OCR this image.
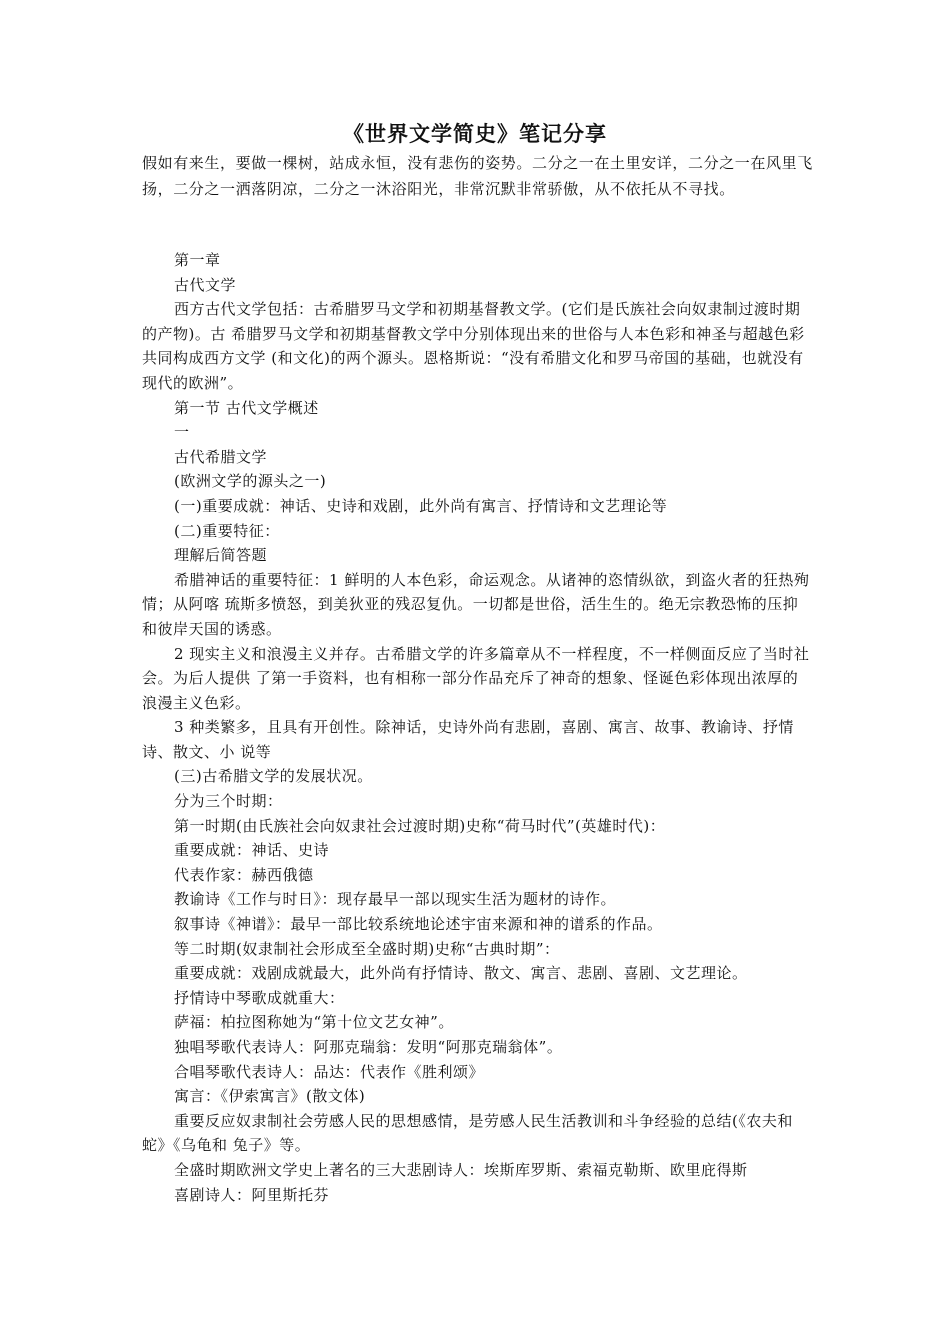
《世界文学简史》笔记分享
假如有来生，要做一棵树，站成永恒，没有悲伤的姿势。二分之一在土里安详，二分之一在风里飞扬，二分之一洒落阴凉，二分之一沐浴阳光，非常沉默非常骄傲，从不依托从不寻找。

第一章

古代文学

西方古代文学包括：古希腊罗马文学和初期基督教文学。(它们是氏族社会向奴隶制过渡时期的产物)。古 希腊罗马文学和初期基督教文学中分别体现出来的世俗与人本色彩和神圣与超越色彩共同构成西方文学 (和文化)的两个源头。恩格斯说：“没有希腊文化和罗马帝国的基础，也就没有现代的欧洲”。

第一节 古代文学概述

一

古代希腊文学

(欧洲文学的源头之一)

(一)重要成就：神话、史诗和戏剧，此外尚有寓言、抒情诗和文艺理论等

(二)重要特征：

理解后简答题

希腊神话的重要特征：1 鲜明的人本色彩，命运观念。从诸神的恣情纵欲，到盗火者的狂热殉情；从阿喀 琉斯多愤怒，到美狄亚的残忍复仇。一切都是世俗，活生生的。绝无宗教恐怖的压抑和彼岸天国的诱惑。

2 现实主义和浪漫主义并存。古希腊文学的许多篇章从不一样程度，不一样侧面反应了当时社会。为后人提供 了第一手资料，也有相称一部分作品充斥了神奇的想象、怪诞色彩体现出浓厚的浪漫主义色彩。

3 种类繁多，且具有开创性。除神话，史诗外尚有悲剧，喜剧、寓言、故事、教谕诗、抒情诗、散文、小 说等

(三)古希腊文学的发展状况。

分为三个时期：

第一时期(由氏族社会向奴隶社会过渡时期)史称“荷马时代”(英雄时代)：

重要成就：神话、史诗

代表作家：赫西俄德

教谕诗《工作与时日》：现存最早一部以现实生活为题材的诗作。

叙事诗《神谱》：最早一部比较系统地论述宇宙来源和神的谱系的作品。

等二时期(奴隶制社会形成至全盛时期)史称“古典时期”：

重要成就：戏剧成就最大，此外尚有抒情诗、散文、寓言、悲剧、喜剧、文艺理论。

抒情诗中琴歌成就重大：

萨福：柏拉图称她为“第十位文艺女神”。

独唱琴歌代表诗人：阿那克瑞翁：发明“阿那克瑞翁体”。

合唱琴歌代表诗人：品达：代表作《胜利颂》

寓言：《伊索寓言》(散文体)

重要反应奴隶制社会劳感人民的思想感情，是劳感人民生活教训和斗争经验的总结(《农夫和蛇》《乌龟和 兔子》等。

全盛时期欧洲文学史上著名的三大悲剧诗人：埃斯库罗斯、索福克勒斯、欧里庇得斯

喜剧诗人：阿里斯托芬
